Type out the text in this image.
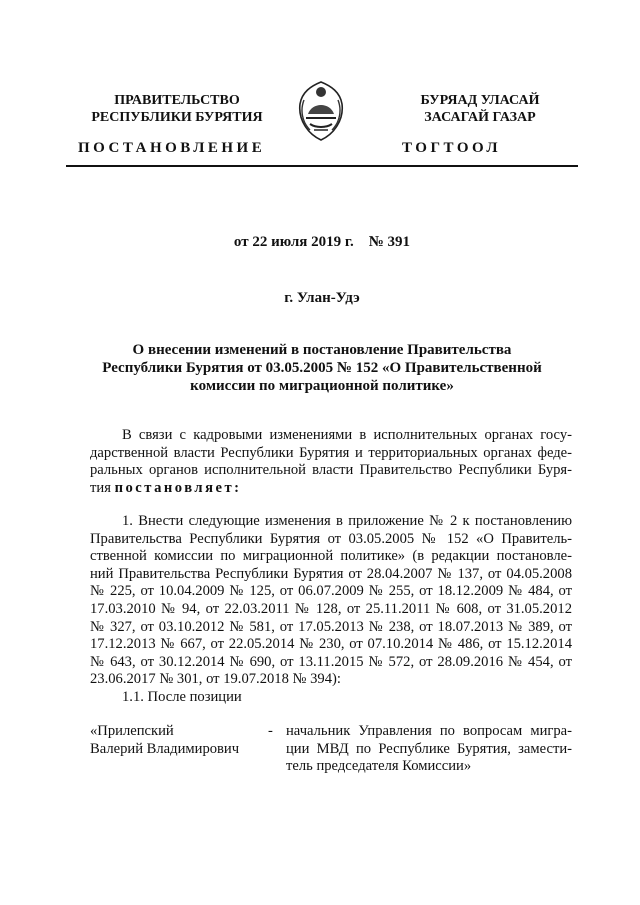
ПРАВИТЕЛЬСТВО
РЕСПУБЛИКИ БУРЯТИЯ
БУРЯАД УЛАСАЙ
ЗАСАГАЙ ГАЗАР
ПОСТАНОВЛЕНИЕ	ТОГТООЛ
от 22 июля 2019 г.    № 391
г. Улан-Удэ
О внесении изменений в постановление Правительства
Республики Бурятия от 03.05.2005 № 152 «О Правительственной
комиссии по миграционной политике»
В связи с кадровыми изменениями в исполнительных органах госу-
дарственной власти Республики Бурятия и территориальных органах феде-
ральных органов исполнительной власти Правительство Республики Буря-
тия постановляет:
1. Внести следующие изменения в приложение № 2 к постановлению
Правительства Республики Бурятия от 03.05.2005 № 152 «О Правитель-
ственной комиссии по миграционной политике» (в редакции постановле-
ний Правительства Республики Бурятия от 28.04.2007 № 137, от 04.05.2008
№ 225, от 10.04.2009 № 125, от 06.07.2009 № 255, от 18.12.2009 № 484, от
17.03.2010 № 94, от 22.03.2011 № 128, от 25.11.2011 № 608, от 31.05.2012
№ 327, от 03.10.2012 № 581, от 17.05.2013 № 238, от 18.07.2013 № 389, от
17.12.2013 № 667, от 22.05.2014 № 230, от 07.10.2014 № 486, от 15.12.2014
№ 643, от 30.12.2014 № 690, от 13.11.2015 № 572, от 28.09.2016 № 454, от
23.06.2017 № 301, от 19.07.2018 № 394):
1.1. После позиции
«Прилепский
Валерий Владимирович
- начальник Управления по вопросам мигра-
ции МВД по Республике Бурятия, замести-
тель председателя Комиссии»
